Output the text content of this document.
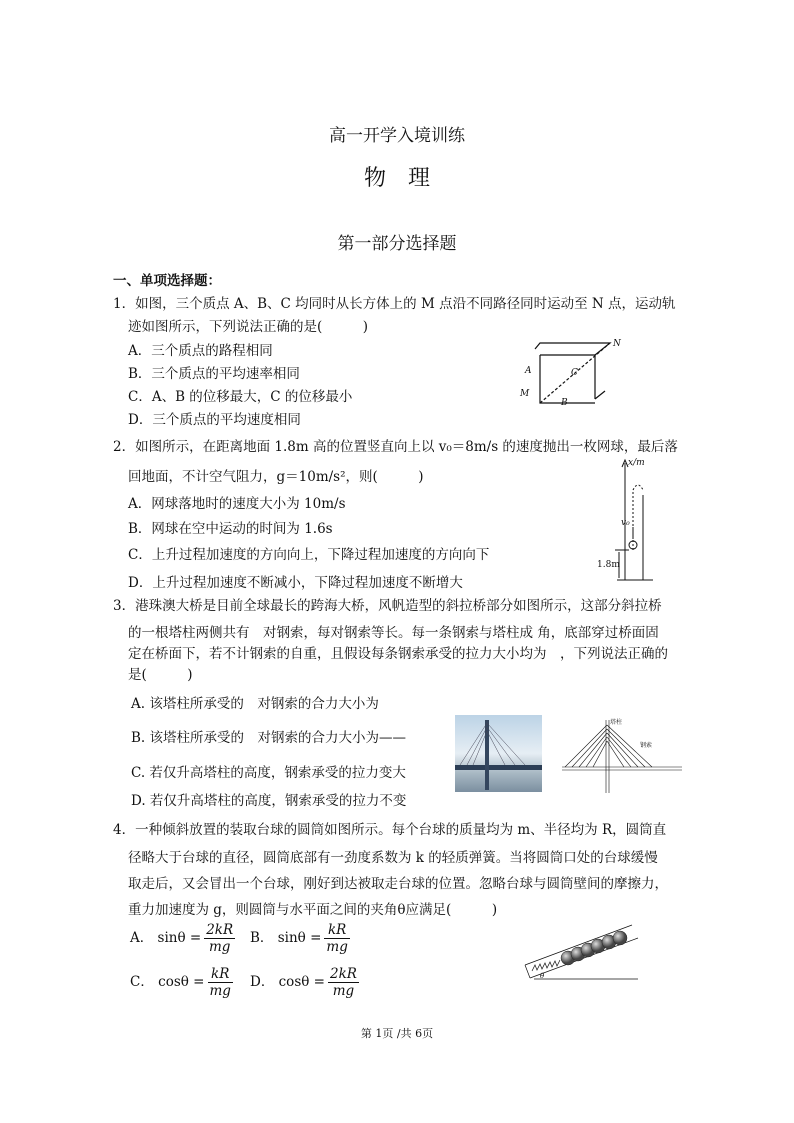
高一开学入境训练
物　理
第一部分选择题
一、单项选择题：
1．如图，三个质点 A、B、C 均同时从长方体上的 M 点沿不同路径同时运动至 N 点，运动轨
迹如图所示，下列说法正确的是(　　　)
A．三个质点的路程相同
B．三个质点的平均速率相同
C．A、B 的位移最大，C 的位移最小
D．三个质点的平均速度相同
N
A	C
M
B
2．如图所示，在距离地面 1.8m 高的位置竖直向上以 v₀＝8m/s 的速度抛出一枚网球，最后落
回地面，不计空气阻力，g＝10m/s²，则(　　　)
A．网球落地时的速度大小为 10m/s
B．网球在空中运动的时间为 1.6s
C．上升过程加速度的方向向上，下降过程加速度的方向向下
D．上升过程加速度不断减小，下降过程加速度不断增大
x/m
v₀
1.8m
3．港珠澳大桥是目前全球最长的跨海大桥，风帆造型的斜拉桥部分如图所示，这部分斜拉桥
的一根塔柱两侧共有　对钢索，每对钢索等长。每一条钢索与塔柱成 角，底部穿过桥面固
定在桥面下，若不计钢索的自重，且假设每条钢索承受的拉力大小均为　，下列说法正确的
是(　　　)
A. 该塔柱所承受的　对钢索的合力大小为
B. 该塔柱所承受的　对钢索的合力大小为——
C. 若仅升高塔柱的高度，钢索承受的拉力变大
D. 若仅升高塔柱的高度，钢索承受的拉力不变
塔柱
钢索
4．一种倾斜放置的装取台球的圆筒如图所示。每个台球的质量均为 m、半径均为 R，圆筒直
径略大于台球的直径，圆筒底部有一劲度系数为 k 的轻质弹簧。当将圆筒口处的台球缓慢
取走后，又会冒出一个台球，刚好到达被取走台球的位置。忽略台球与圆筒壁间的摩擦力，
重力加速度为 g，则圆筒与水平面之间的夹角θ应满足(　　　)
A． $\sin\theta = \frac{2kR}{mg}$ B． $\sin\theta = \frac{kR}{mg}$
C． $\cos\theta = \frac{kR}{mg}$ D． $\cos\theta = \frac{2kR}{mg}$	θ
第 1页 /共 6页
